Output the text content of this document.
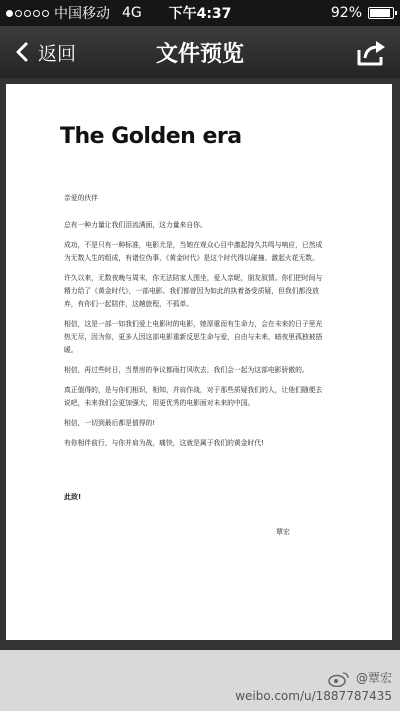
中国移动 4G 下午4:37	92%
返回	文件预览
The Golden era

亲爱的伙伴

总有一种力量让我们泪流满面，这力量来自你。

成功，不是只有一种标准，电影尤是，当她在观众心目中激起持久共鸣与响应，已然成为无数人生的组成，有诸位伪事，《黄金时代》是这个时代得以碰撞、激起火花无数。

许久以来，无数夜晚与周末，你无法陪家人围坐，爱人亲昵，朋友叙情。你们把时间与精力给了《黄金时代》，一部电影。我们都曾因为如此的执着备受质疑，但我们都没放弃，有你们一起陪伴，这趟旅程，不孤单。

相信，这是一部一如我们爱上电影时的电影，她厚重而有生命力，会在未来的日子里光热无尽，因为你，更多人因这部电影重新反思生命与爱，自由与未来，暗夜里孤独被捂暖。

相信，再过些时日，当票房的争议都雨打风吹去，我们会一起为这部电影骄傲的。

真正值得的，是与你们相识，相知，并肩作战，对于那些质疑我们的人，让他们随便去说吧，未来我们会更加强大，用更优秀的电影面对未来的中国。

相信，一切到最后都是值得的!

有你相伴前行，与你并肩为战，痛快，这就是属于我们的黄金时代!

此致!
覃宏
@覃宏
weibo.com/u/1887787435
